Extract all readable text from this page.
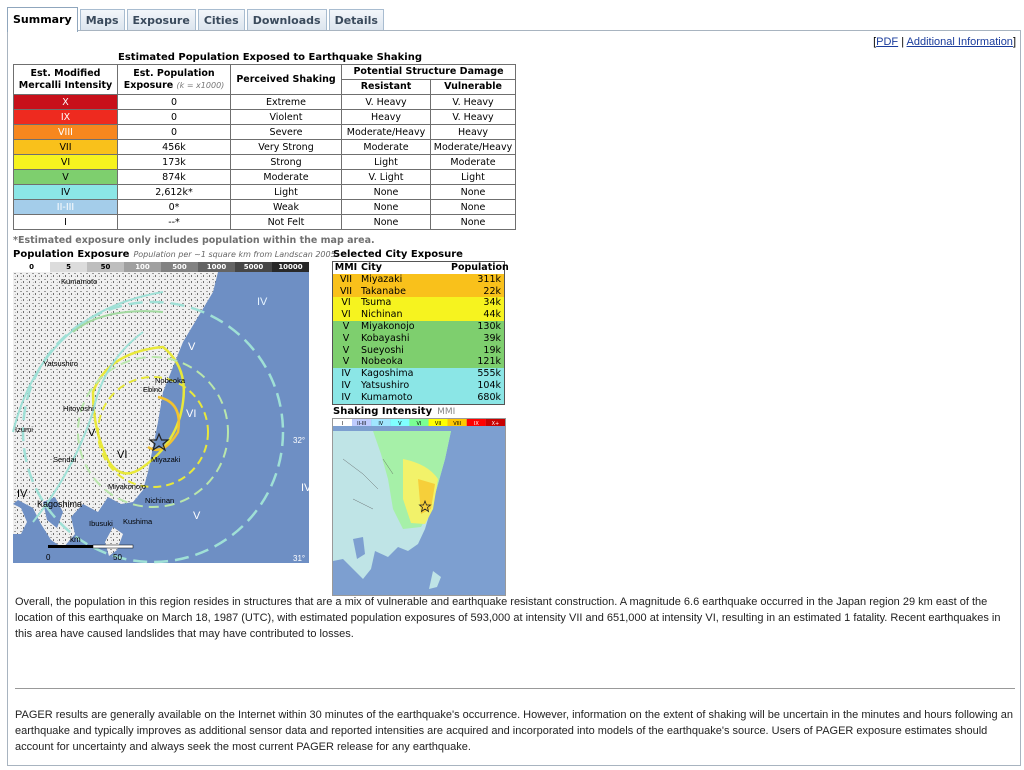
Summary	Maps	Exposure	Cities	Downloads	Details
[PDF | Additional Information]
Estimated Population Exposed to Earthquake Shaking
Est. Modified
Mercalli Intensity	Est. Population
Exposure (k = x1000)	Perceived Shaking	Potential Structure Damage	
			Resistant	Vulnerable
X	0	Extreme	V. Heavy	V. Heavy
IX	0	Violent	Heavy	V. Heavy
VIII	0	Severe	Moderate/Heavy	Heavy
VII	456k	Very Strong	Moderate	Moderate/Heavy
VI	173k	Strong	Light	Moderate
V	874k	Moderate	V. Light	Light
IV	2,612k*	Light	None	None
II-III	0*	Weak	None	None
I	--*	Not Felt	None	None
*Estimated exposure only includes population within the map area.
Population Exposure Population per ~1 square km from Landscan 2005
0	5	50	100	500	1000	5000	10000
km
0	50
IV
V
VI
VI
V
V
IV	IV
32°
31°
Kumamoto
Yatsushiro
Hitoyoshi
Miyazaki
Miyakonojo
Nichinan
Kagoshima
Kushima
Ibusuki
Izumi
Sendai
Ebino
Nobeoka
Selected City Exposure
MMI City	Population
VII Miyazaki	311k
VII Takanabe	22k
VI	Tsuma	34k
VI	Nichinan	44k
V	Miyakonojo	130k
V	Kobayashi	39k
V	Sueyoshi	19k
V	Nobeoka	121k
IV	Kagoshima	555k
IV	Yatsushiro	104k
IV	Kumamoto	680k
Shaking Intensity MMI
I	II-III IV	V	VI	VII VIII	IX	X+
Overall, the population in this region resides in structures that are a mix of vulnerable and earthquake resistant construction. A magnitude 6.6 earthquake occurred in the Japan region 29 km east of the location of this earthquake on March 18, 1987 (UTC), with estimated population exposures of 593,000 at intensity VII and 651,000 at intensity VI, resulting in an estimated 1 fatality. Recent earthquakes in this area have caused landslides that may have contributed to losses.
PAGER results are generally available on the Internet within 30 minutes of the earthquake's occurrence. However, information on the extent of shaking will be uncertain in the minutes and hours following an earthquake and typically improves as additional sensor data and reported intensities are acquired and incorporated into models of the earthquake's source. Users of PAGER exposure estimates should account for uncertainty and always seek the most current PAGER release for any earthquake.
